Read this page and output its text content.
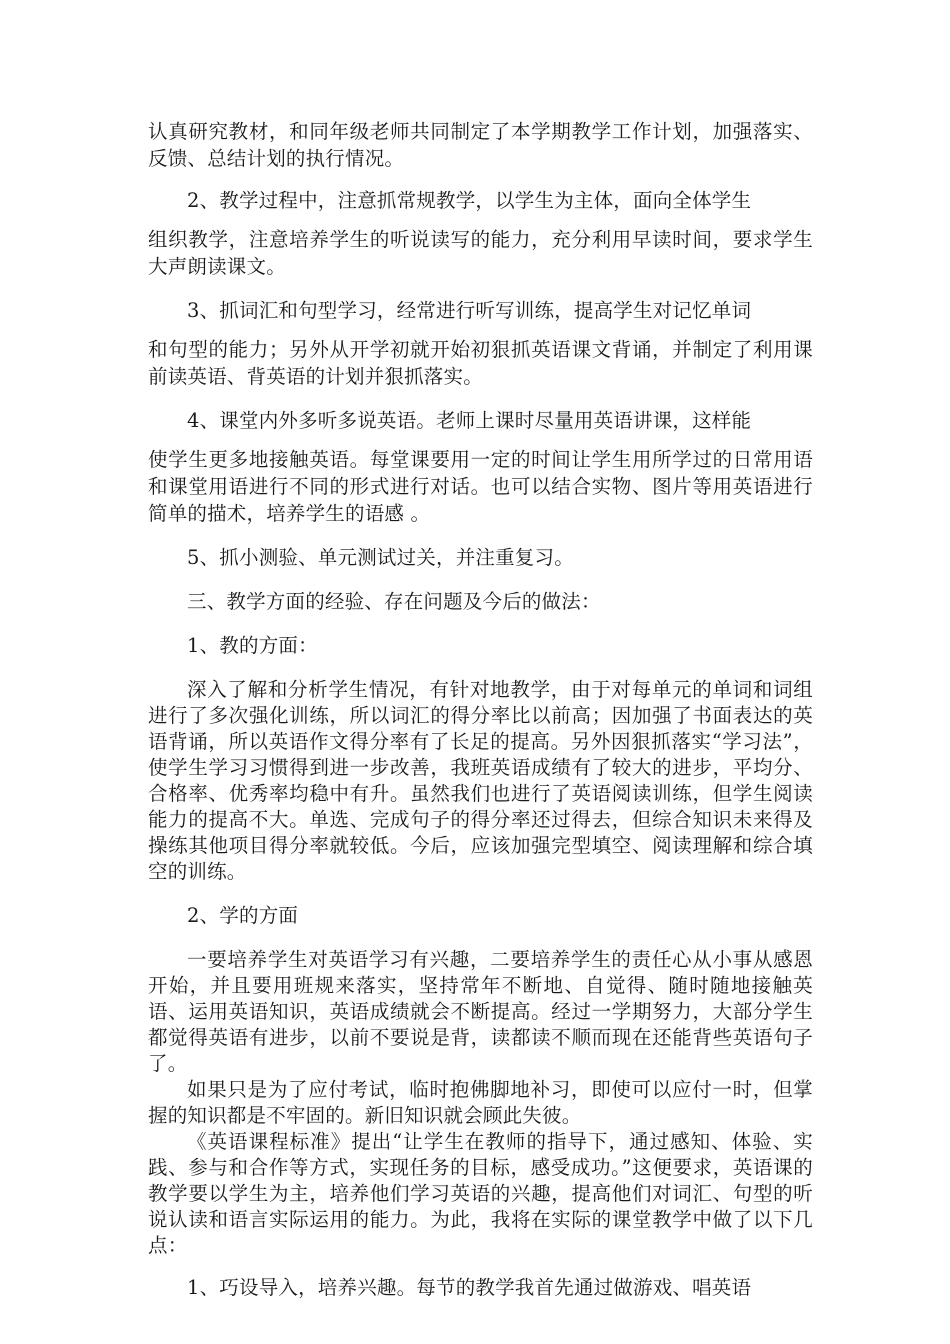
认真研究教材，和同年级老师共同制定了本学期教学工作计划，加强落实、反馈、总结计划的执行情况。

2、教学过程中，注意抓常规教学，以学生为主体，面向全体学生

组织教学，注意培养学生的听说读写的能力，充分利用早读时间，要求学生大声朗读课文。

3、抓词汇和句型学习，经常进行听写训练，提高学生对记忆单词

和句型的能力；另外从开学初就开始初狠抓英语课文背诵，并制定了利用课前读英语、背英语的计划并狠抓落实。

4、课堂内外多听多说英语。老师上课时尽量用英语讲课，这样能

使学生更多地接触英语。每堂课要用一定的时间让学生用所学过的日常用语和课堂用语进行不同的形式进行对话。也可以结合实物、图片等用英语进行简单的描术，培养学生的语感 。

5、抓小测验、单元测试过关，并注重复习。

三、教学方面的经验、存在问题及今后的做法：

1、教的方面：

深入了解和分析学生情况，有针对地教学，由于对每单元的单词和词组进行了多次强化训练，所以词汇的得分率比以前高；因加强了书面表达的英语背诵，所以英语作文得分率有了长足的提高。另外因狠抓落实“学习法”，使学生学习习惯得到进一步改善，我班英语成绩有了较大的进步，平均分、合格率、优秀率均稳中有升。虽然我们也进行了英语阅读训练，但学生阅读能力的提高不大。单选、完成句子的得分率还过得去，但综合知识未来得及操练其他项目得分率就较低。今后，应该加强完型填空、阅读理解和综合填空的训练。

2、学的方面

一要培养学生对英语学习有兴趣，二要培养学生的责任心从小事从感恩开始，并且要用班规来落实，坚持常年不断地、自觉得、随时随地接触英语、运用英语知识，英语成绩就会不断提高。经过一学期努力，大部分学生都觉得英语有进步，以前不要说是背，读都读不顺而现在还能背些英语句子了。

如果只是为了应付考试，临时抱佛脚地补习，即使可以应付一时，但掌握的知识都是不牢固的。新旧知识就会顾此失彼。

《英语课程标准》提出“让学生在教师的指导下，通过感知、体验、实践、参与和合作等方式，实现任务的目标，感受成功。”这便要求，英语课的教学要以学生为主，培养他们学习英语的兴趣，提高他们对词汇、句型的听说认读和语言实际运用的能力。为此，我将在实际的课堂教学中做了以下几点：

1、巧设导入，培养兴趣。每节的教学我首先通过做游戏、唱英语
